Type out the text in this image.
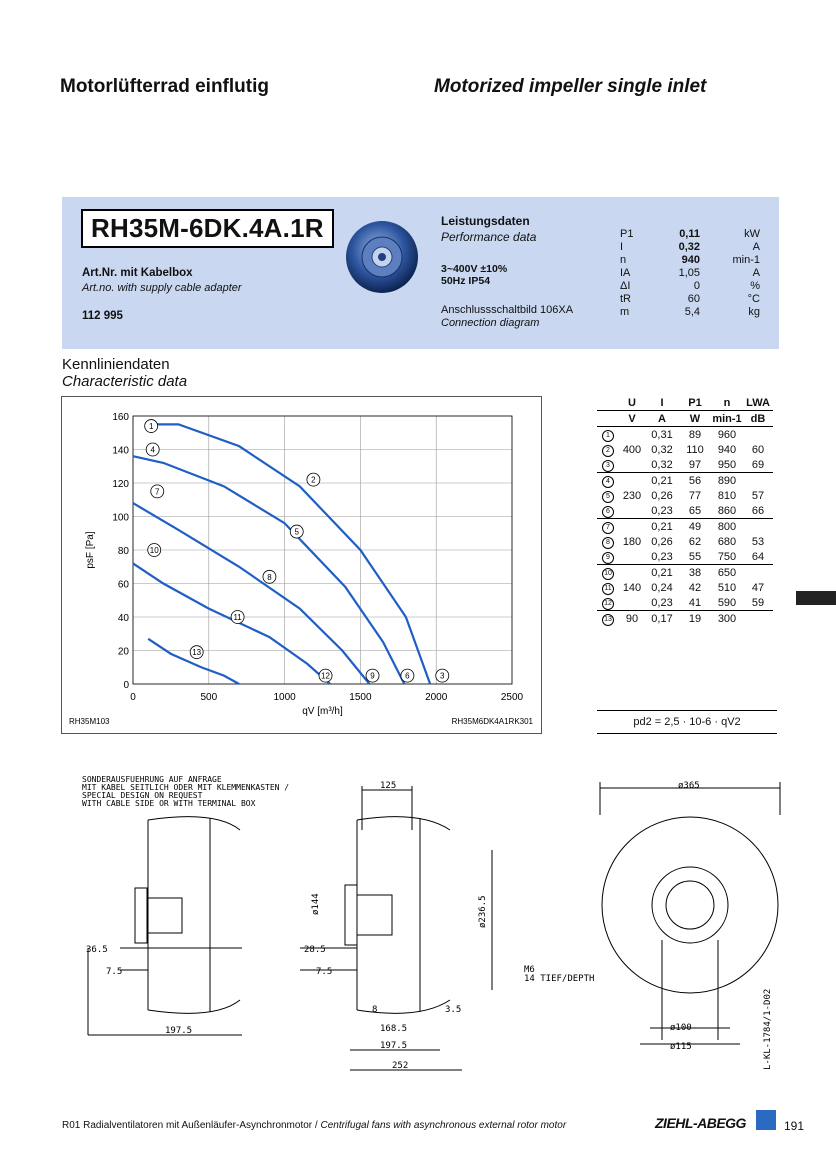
Motorlüfterrad einflutig	Motorized impeller single inlet
RH35M-6DK.4A.1R
Art.Nr. mit Kabelbox
Art.no. with supply cable adapter
112 995
Leistungsdaten
Performance data
3~400V ±10%
50Hz IP54
Anschlussschaltbild 106XA
Connection diagram
P1	0,11	kW
I	0,32	A
n	940	min-1
IA	1,05	A
ΔI	0	%
tR	60	°C
m	5,4	kg
Kennliniendaten
Characteristic data
0	500	1000	1500	2000	2500
0
20
40
60
80
100
120
140
160
1
4
2
7
5
10
8
11
13
12	9	6	3
qV [m³/h]
psF [Pa]
RH35M103	RH35M6DK4A1RK301
	U	I	P1	n	LWA
	V	A	W	min-1	dB
1		0,31	89	960	
2	400	0,32	110	940	60
3		0,32	97	950	69
4		0,21	56	890	
5	230	0,26	77	810	57
6		0,23	65	860	66
7		0,21	49	800	
8	180	0,26	62	680	53
9		0,23	55	750	64
10		0,21	38	650	
11	140	0,24	42	510	47
12		0,23	41	590	59
13	90	0,17	19	300	
pd2 = 2,5 · 10-6 · qV2
SONDERAUSFUEHRUNG AUF ANFRAGE
MIT KABEL SEITLICH ODER MIT KLEMMENKASTEN /
SPECIAL DESIGN ON REQUEST
WITH CABLE SIDE OR WITH TERMINAL BOX
36.5
7.5
197.5
125
28.5
7.5
8	3.5
168.5
197.5
252
ø144	ø236.5
ø365
ø100
ø115
M6
14 TIEF/DEPTH
L-KL-1784/1-D02
R01 Radialventilatoren mit Außenläufer-Asynchronmotor / Centrifugal fans with asynchronous external rotor motor	ZIEHL-ABEGG	191
